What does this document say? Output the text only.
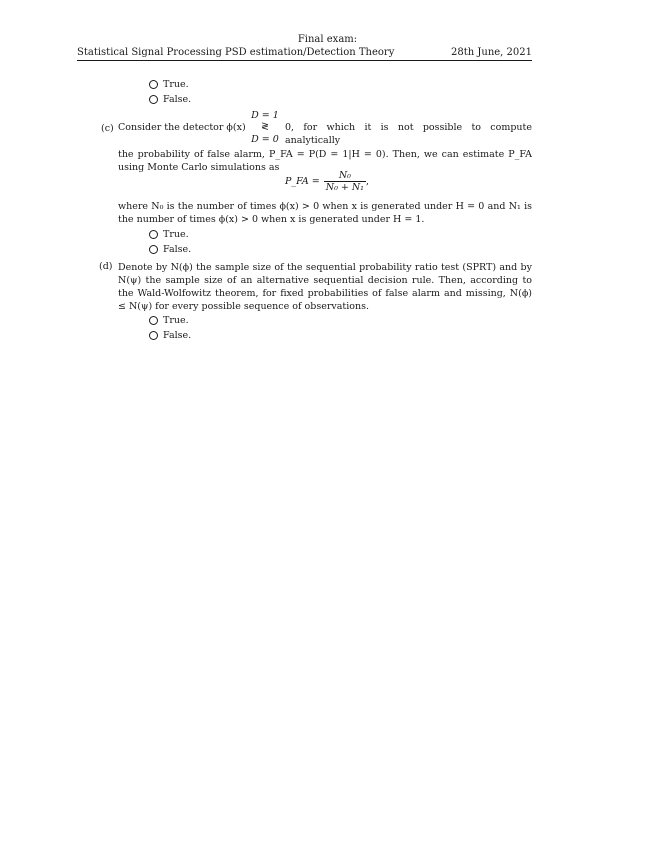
Final exam:
Statistical Signal Processing PSD estimation/Detection Theory	28th June, 2021
True.
False.
D = 1
(c) Consider the detector ϕ(x)	≷	0, for which it is not possible to compute analytically
D = 0
the probability of false alarm, P_FA = P(D = 1|H = 0). Then, we can estimate P_FA using Monte Carlo simulations as
P_FA = $\frac{\text{N₀}}{\text{N₀ + N₁}}$ ,
where N₀ is the number of times ϕ(x) > 0 when x is generated under H = 0 and N₁ is the number of times ϕ(x) > 0 when x is generated under H = 1.
True.
False.
(d) Denote by N(ϕ) the sample size of the sequential probability ratio test (SPRT) and by N(ψ) the sample size of an alternative sequential decision rule. Then, according to the Wald-Wolfowitz theorem, for fixed probabilities of false alarm and missing, N(ϕ) ≤ N(ψ) for every possible sequence of observations.
True.
False.
